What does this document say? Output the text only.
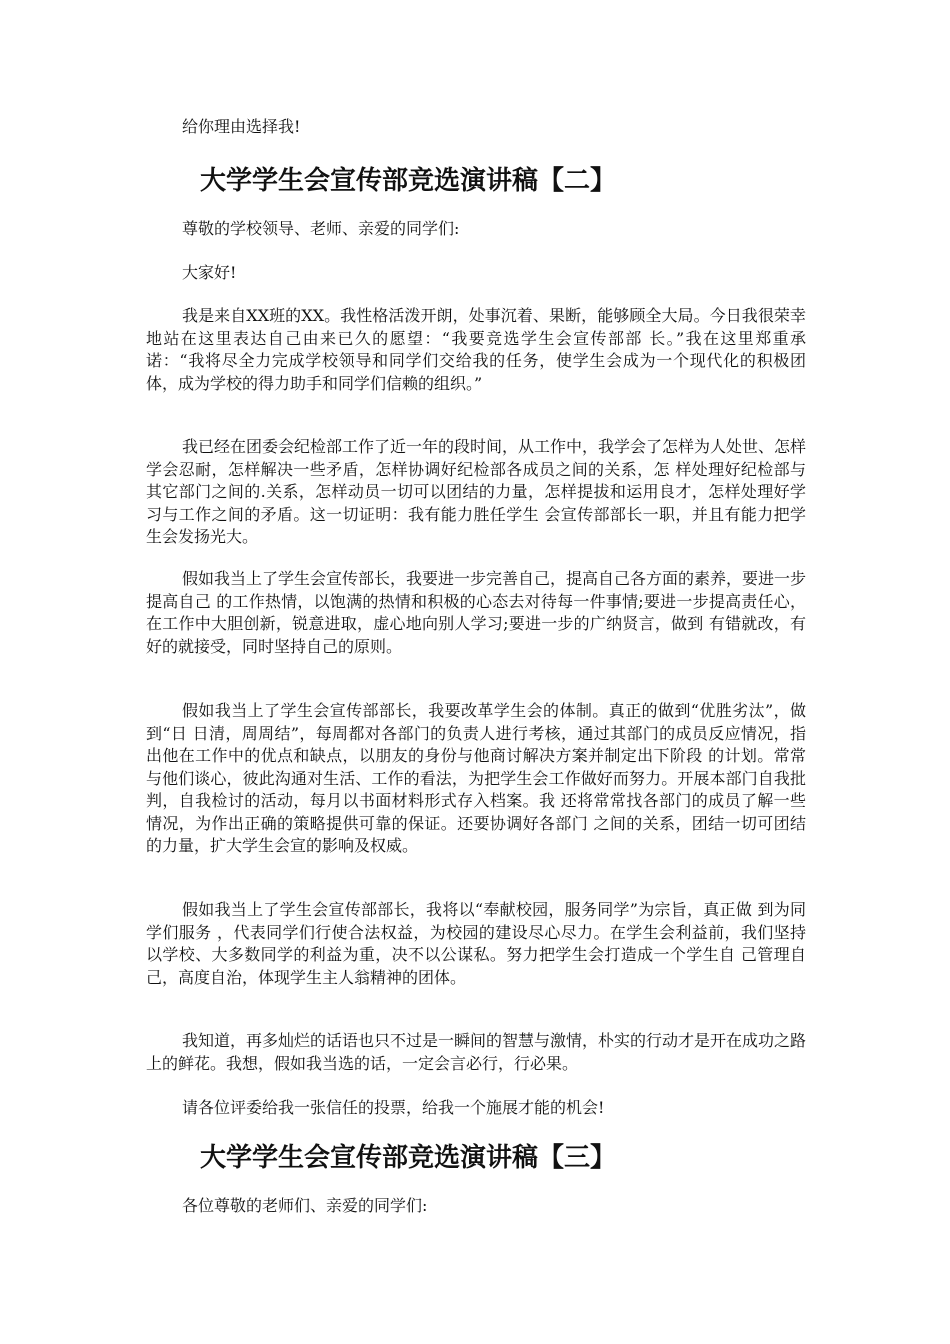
给你理由选择我!

大学学生会宣传部竞选演讲稿【二】

尊敬的学校领导、老师、亲爱的同学们:

大家好!

我是来自XX班的XX。我性格活泼开朗，处事沉着、果断，能够顾全大局。今日我很荣幸地站在这里表达自己由来已久的愿望：“我要竞选学生会宣传部部 长。”我在这里郑重承诺：“我将尽全力完成学校领导和同学们交给我的任务，使学生会成为一个现代化的积极团体，成为学校的得力助手和同学们信赖的组织。”

我已经在团委会纪检部工作了近一年的段时间，从工作中，我学会了怎样为人处世、怎样学会忍耐，怎样解决一些矛盾，怎样协调好纪检部各成员之间的关系，怎 样处理好纪检部与其它部门之间的.关系，怎样动员一切可以团结的力量，怎样提拔和运用良才，怎样处理好学习与工作之间的矛盾。这一切证明：我有能力胜任学生 会宣传部部长一职，并且有能力把学生会发扬光大。

假如我当上了学生会宣传部长，我要进一步完善自己，提高自己各方面的素养，要进一步提高自己 的工作热情，以饱满的热情和积极的心态去对待每一件事情;要进一步提高责任心，在工作中大胆创新，锐意进取，虚心地向别人学习;要进一步的广纳贤言，做到 有错就改，有好的就接受，同时坚持自己的原则。

假如我当上了学生会宣传部部长，我要改革学生会的体制。真正的做到“优胜劣汰”，做到“日 日清，周周结”，每周都对各部门的负责人进行考核，通过其部门的成员反应情况，指出他在工作中的优点和缺点，以朋友的身份与他商讨解决方案并制定出下阶段 的计划。常常与他们谈心，彼此沟通对生活、工作的看法，为把学生会工作做好而努力。开展本部门自我批判，自我检讨的活动，每月以书面材料形式存入档案。我 还将常常找各部门的成员了解一些情况，为作出正确的策略提供可靠的保证。还要协调好各部门 之间的关系，团结一切可团结的力量，扩大学生会宣的影响及权威。

假如我当上了学生会宣传部部长，我将以“奉献校园，服务同学”为宗旨，真正做 到为同学们服务 ，代表同学们行使合法权益，为校园的建设尽心尽力。在学生会利益前，我们坚持以学校、大多数同学的利益为重，决不以公谋私。努力把学生会打造成一个学生自 己管理自己，高度自治，体现学生主人翁精神的团体。

我知道，再多灿烂的话语也只不过是一瞬间的智慧与激情，朴实的行动才是开在成功之路上的鲜花。我想，假如我当选的话，一定会言必行，行必果。

请各位评委给我一张信任的投票，给我一个施展才能的机会!

大学学生会宣传部竞选演讲稿【三】

各位尊敬的老师们、亲爱的同学们:
